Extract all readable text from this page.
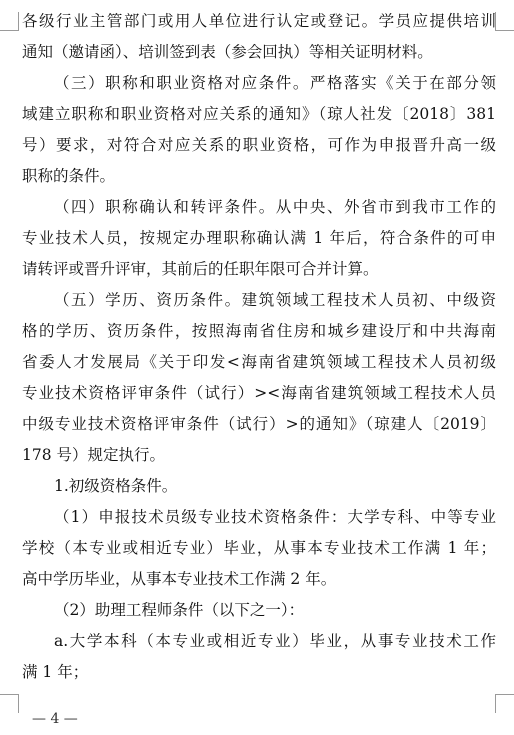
各级行业主管部门或用人单位进行认定或登记。学员应提供培训
通知（邀请函）、培训签到表（参会回执）等相关证明材料。
（三）职称和职业资格对应条件。严格落实《关于在部分领
域建立职称和职业资格对应关系的通知》（琼人社发〔2018〕381
号）要求，对符合对应关系的职业资格，可作为申报晋升高一级
职称的条件。
（四）职称确认和转评条件。从中央、外省市到我市工作的
专业技术人员，按规定办理职称确认满 1 年后，符合条件的可申
请转评或晋升评审，其前后的任职年限可合并计算。
（五）学历、资历条件。建筑领域工程技术人员初、中级资
格的学历、资历条件，按照海南省住房和城乡建设厅和中共海南
省委人才发展局《关于印发<海南省建筑领域工程技术人员初级
专业技术资格评审条件（试行）><海南省建筑领域工程技术人员
中级专业技术资格评审条件（试行）>的通知》（琼建人〔2019〕
178 号）规定执行。
1.初级资格条件。
（1）申报技术员级专业技术资格条件：大学专科、中等专业
学校（本专业或相近专业）毕业，从事本专业技术工作满 1 年；
高中学历毕业，从事本专业技术工作满 2 年。
（2）助理工程师条件（以下之一）：
a.大学本科（本专业或相近专业）毕业，从事专业技术工作
满 1 年；
— 4 —
